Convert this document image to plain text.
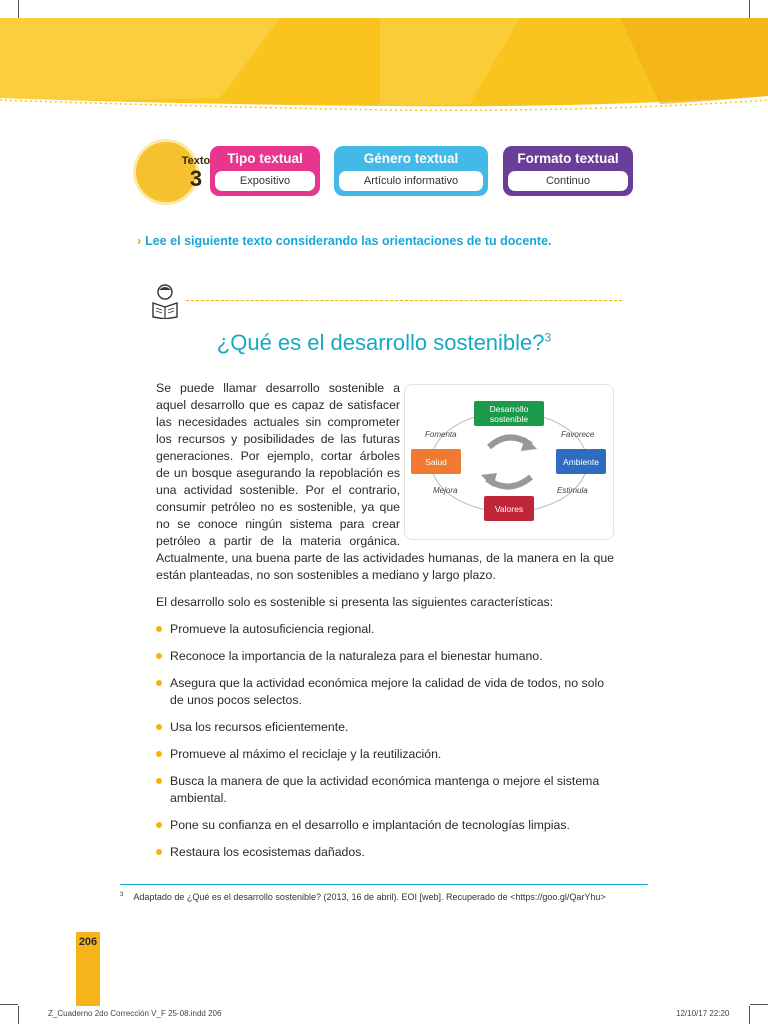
Texto
3
Tipo textual
Expositivo
Género textual
Artículo informativo
Formato textual
Continuo
› Lee el siguiente texto considerando las orientaciones de tu docente.
¿Qué es el desarrollo sostenible?$^3$
Desarrollo sostenible
Salud	Ambiente
Valores
Fomenta	Favorece
Mejora	Estimula

Se puede llamar desarrollo sostenible a aquel desarrollo que es capaz de satisfacer las necesidades actuales sin comprometer los recursos y posibilidades de las futuras generaciones. Por ejemplo, cortar árboles de un bosque asegurando la repoblación es una actividad sostenible. Por el contrario, consumir petróleo no es sostenible, ya que no se conoce ningún sistema para crear petróleo a partir de la materia orgánica. Actualmente, una buena parte de las actividades humanas, de la manera en la que están planteadas, no son sostenibles a mediano y largo plazo.

El desarrollo solo es sostenible si presenta las siguientes características:

Promueve la autosuficiencia regional.
Reconoce la importancia de la naturaleza para el bienestar humano.
Asegura que la actividad económica mejore la calidad de vida de todos, no solo de unos pocos selectos.
Usa los recursos eficientemente.
Promueve al máximo el reciclaje y la reutilización.
Busca la manera de que la actividad económica mantenga o mejore el sistema ambiental.
Pone su confianza en el desarrollo e implantación de tecnologías limpias.
Restaura los ecosistemas dañados.
$^3$ Adaptado de ¿Qué es el desarrollo sostenible? (2013, 16 de abril). EOI [web]. Recuperado de <https://goo.gl/QarYhu>
206
Z_Cuaderno 2do Corrección V_F 25-08.indd 206	12/10/17 22:20
